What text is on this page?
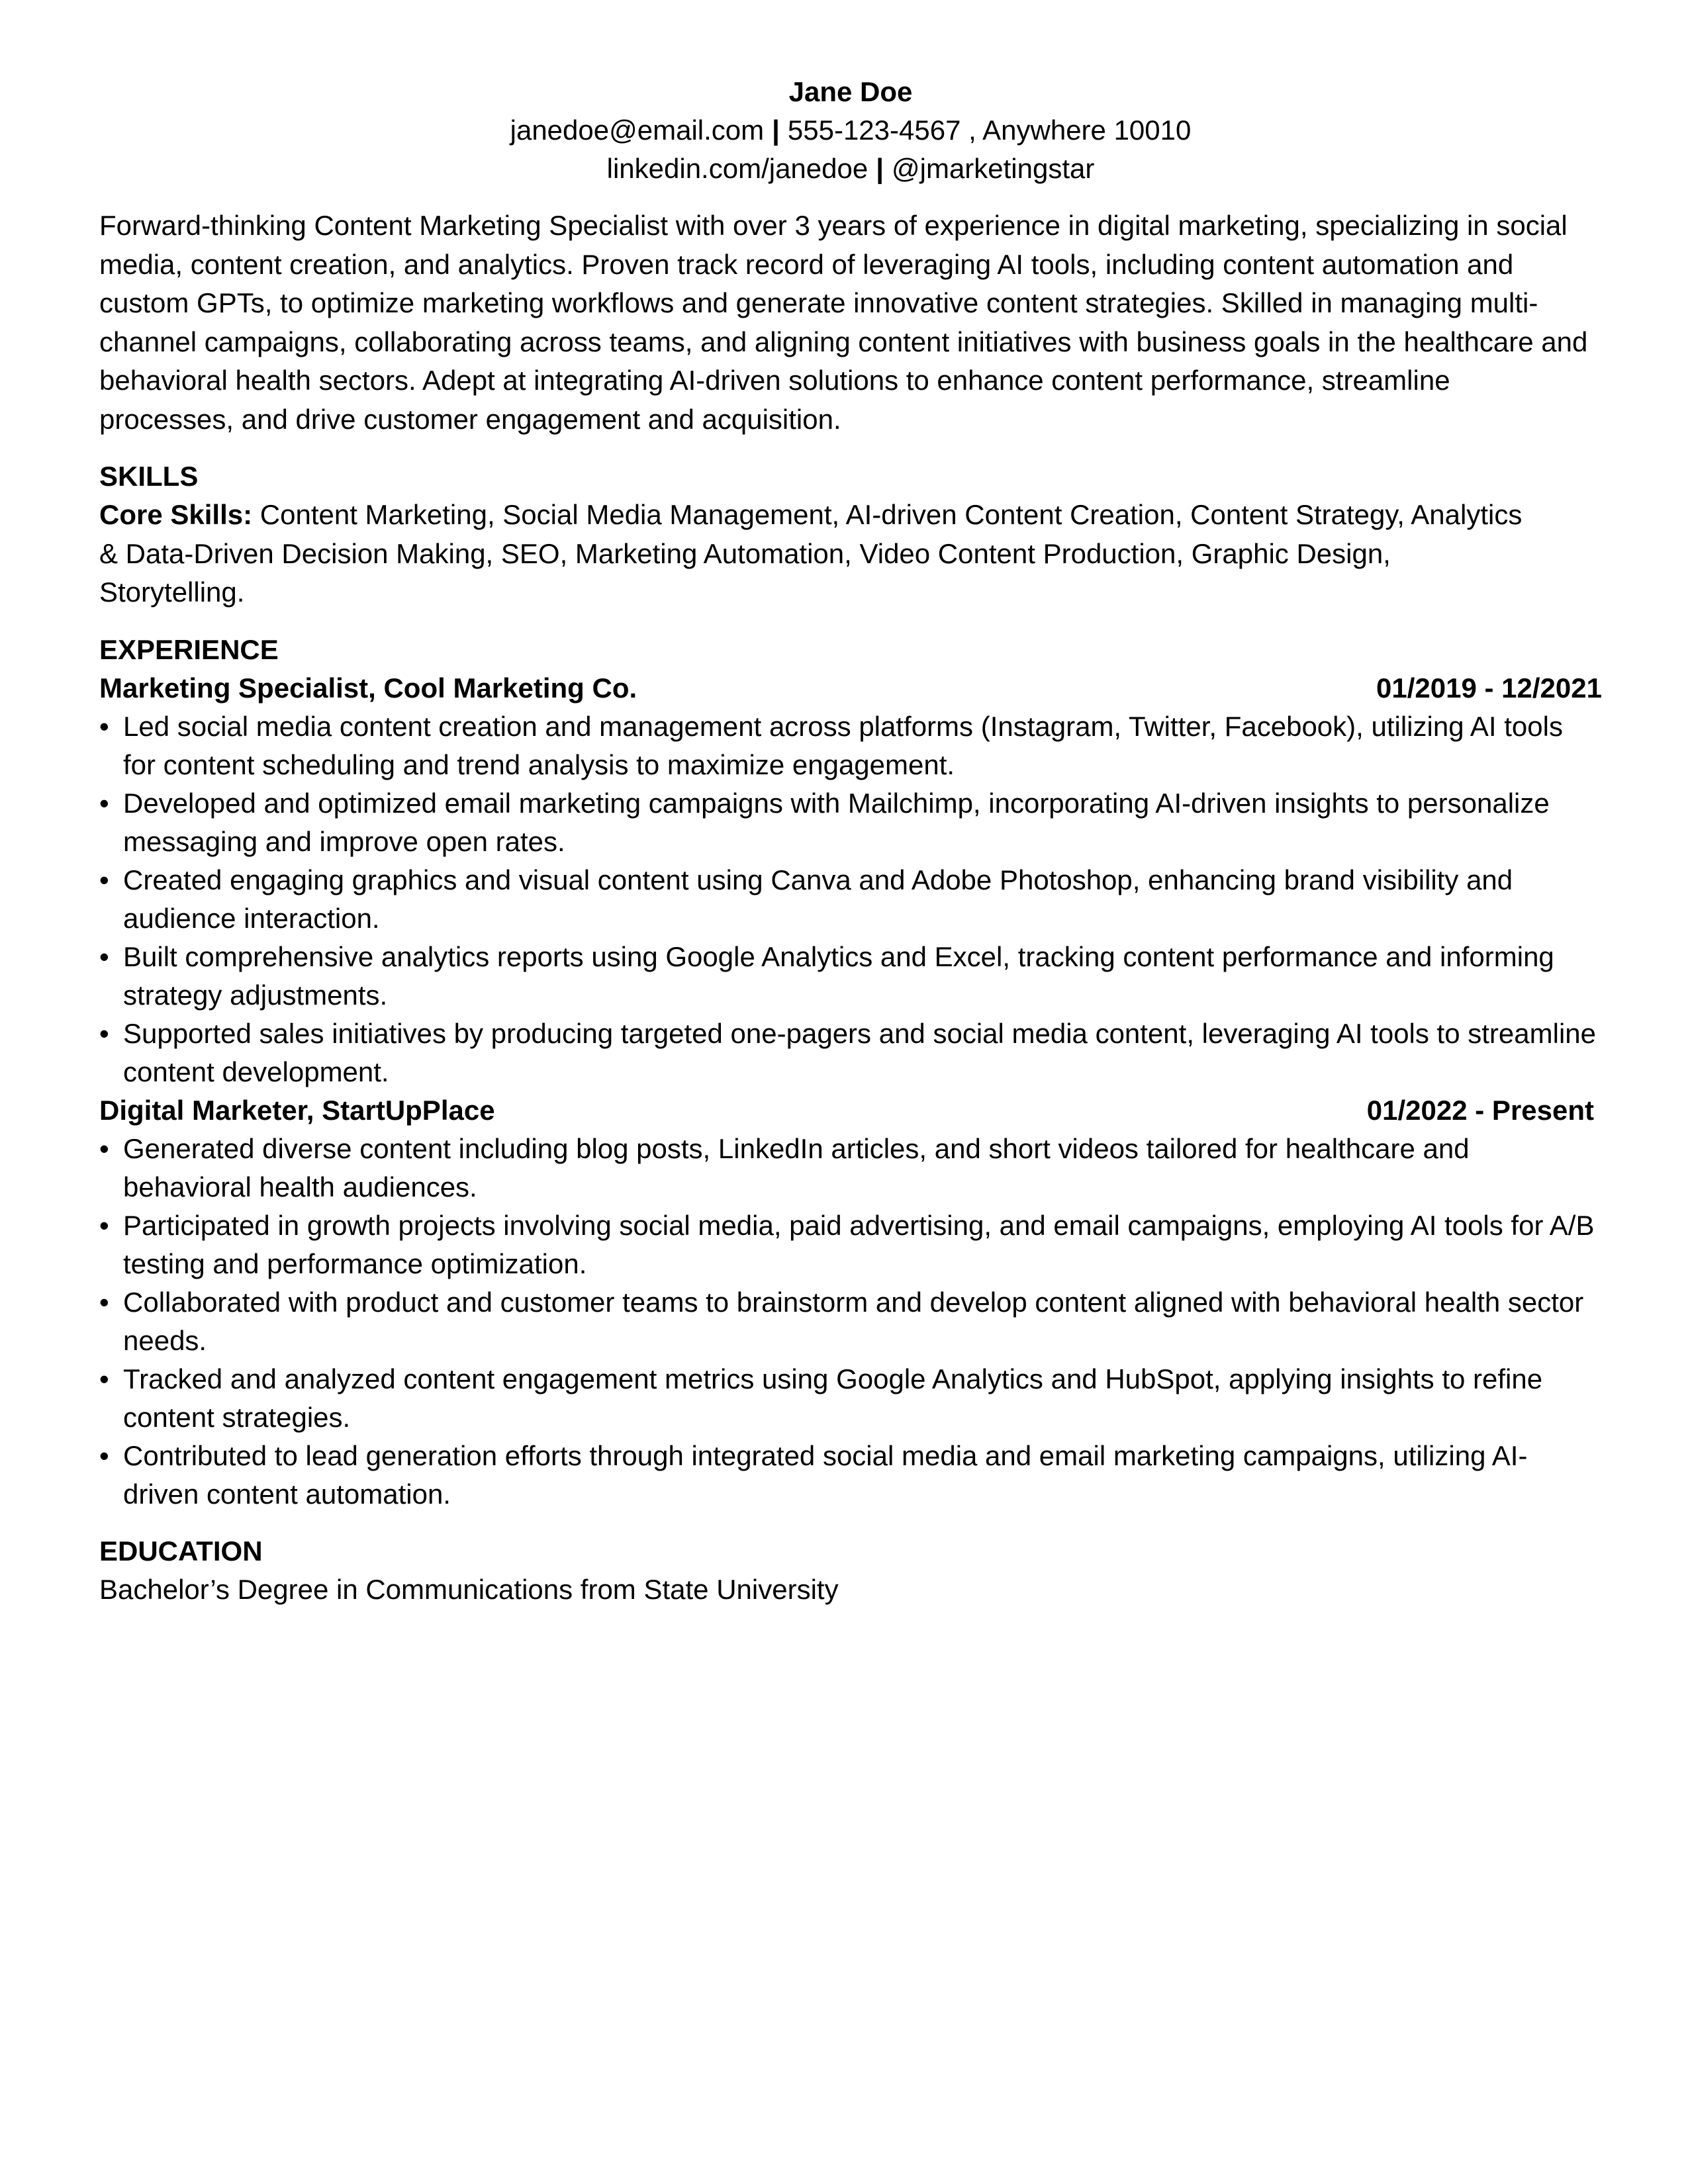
Jane Doe
janedoe@email.com | 555-123-4567 , Anywhere 10010
linkedin.com/janedoe | @jmarketingstar
Forward-thinking Content Marketing Specialist with over 3 years of experience in digital marketing, specializing in social media, content creation, and analytics. Proven track record of leveraging AI tools, including content automation and custom GPTs, to optimize marketing workflows and generate innovative content strategies. Skilled in managing multi-channel campaigns, collaborating across teams, and aligning content initiatives with business goals in the healthcare and behavioral health sectors. Adept at integrating AI-driven solutions to enhance content performance, streamline processes, and drive customer engagement and acquisition.
SKILLS
Core Skills: Content Marketing, Social Media Management, AI-driven Content Creation, Content Strategy, Analytics & Data-Driven Decision Making, SEO, Marketing Automation, Video Content Production, Graphic Design, Storytelling.
EXPERIENCE
Marketing Specialist, Cool Marketing Co.	01/2019 - 12/2021
• Led social media content creation and management across platforms (Instagram, Twitter, Facebook), utilizing AI tools for content scheduling and trend analysis to maximize engagement.
• Developed and optimized email marketing campaigns with Mailchimp, incorporating AI-driven insights to personalize messaging and improve open rates.
• Created engaging graphics and visual content using Canva and Adobe Photoshop, enhancing brand visibility and audience interaction.
• Built comprehensive analytics reports using Google Analytics and Excel, tracking content performance and informing strategy adjustments.
• Supported sales initiatives by producing targeted one-pagers and social media content, leveraging AI tools to streamline content development.
Digital Marketer, StartUpPlace	01/2022 - Present
• Generated diverse content including blog posts, LinkedIn articles, and short videos tailored for healthcare and behavioral health audiences.
• Participated in growth projects involving social media, paid advertising, and email campaigns, employing AI tools for A/B testing and performance optimization.
• Collaborated with product and customer teams to brainstorm and develop content aligned with behavioral health sector needs.
• Tracked and analyzed content engagement metrics using Google Analytics and HubSpot, applying insights to refine content strategies.
• Contributed to lead generation efforts through integrated social media and email marketing campaigns, utilizing AI-driven content automation.
EDUCATION
Bachelor’s Degree in Communications from State University
